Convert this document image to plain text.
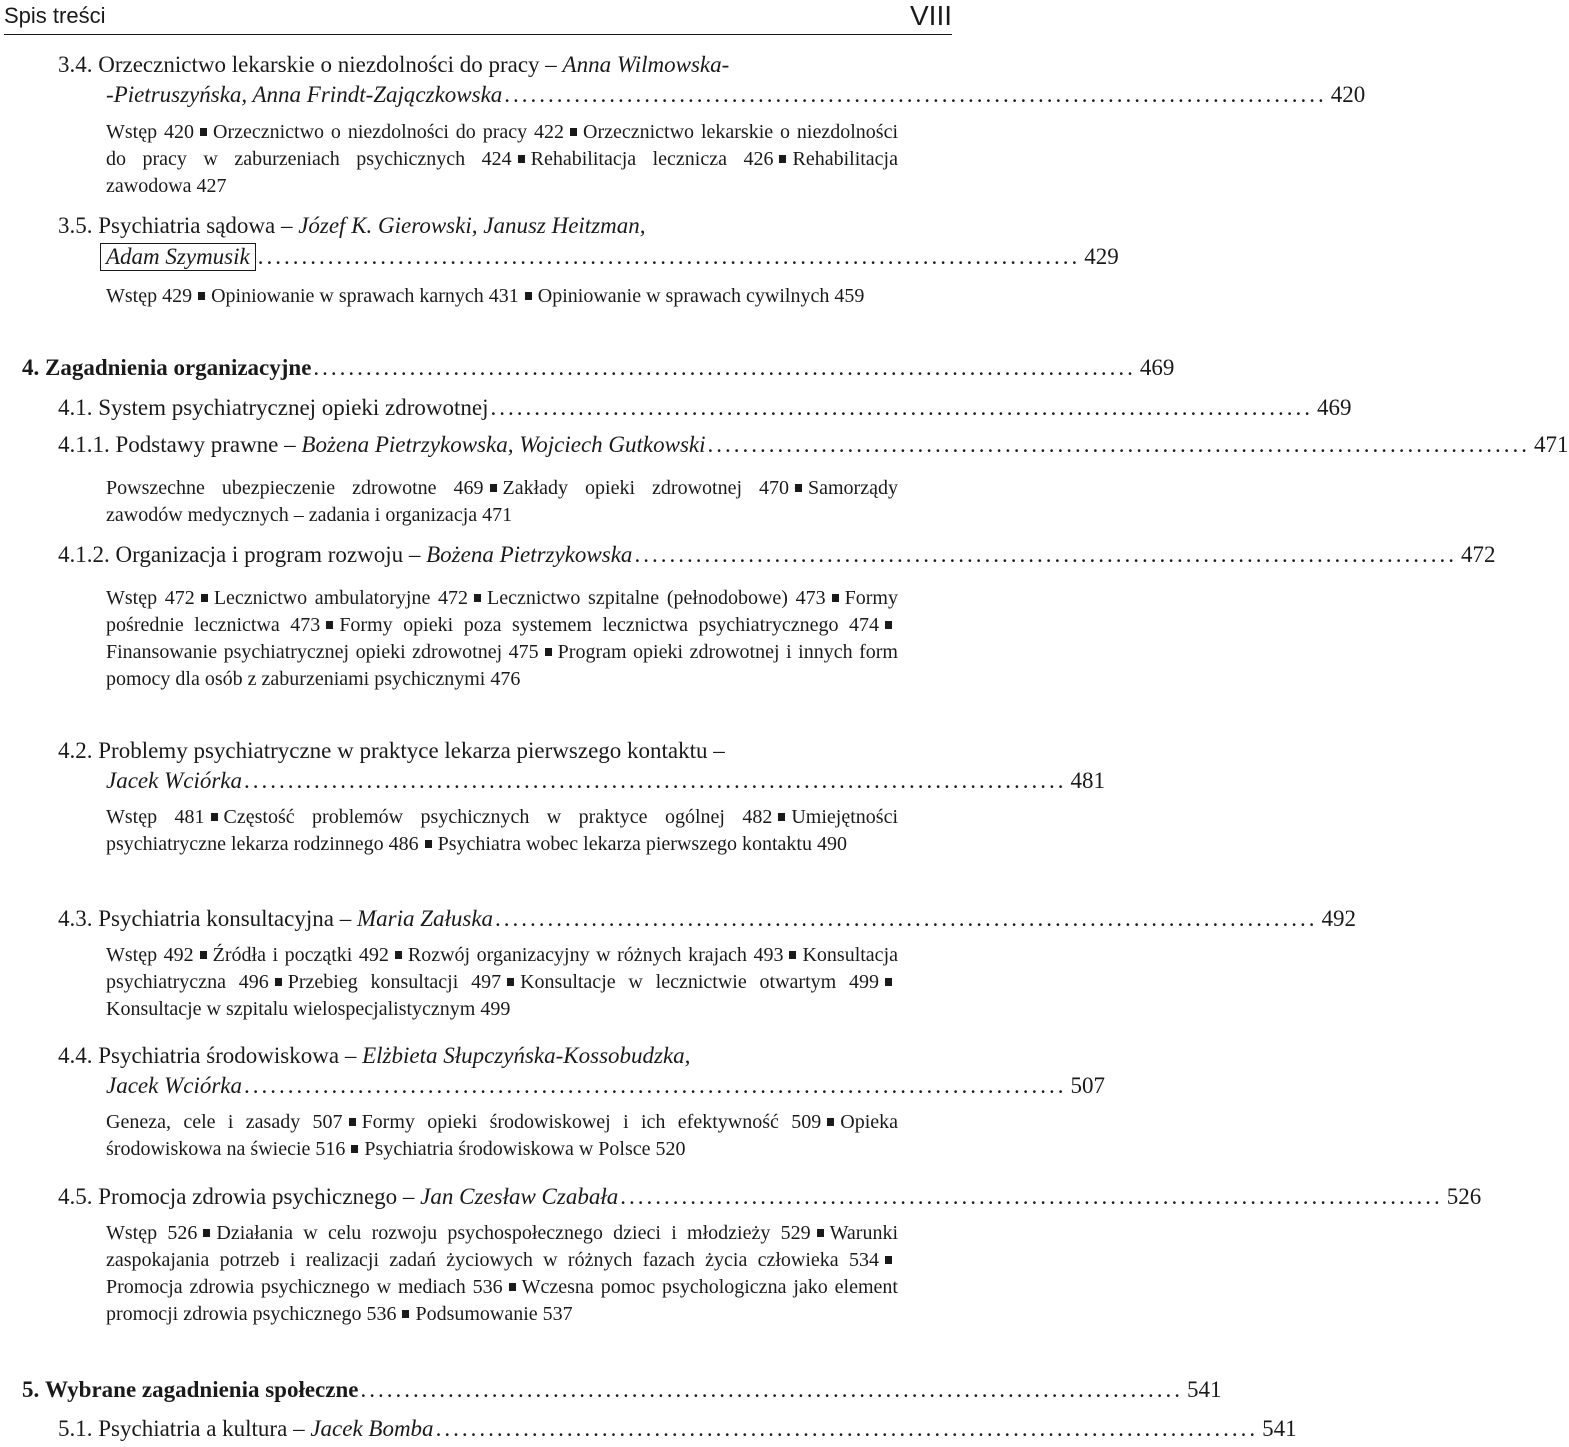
Spis treści	VIII
3.4.
Orzecznictwo lekarskie o niezdolności do pracy – Anna Wilmowska-
-Pietruszyńska, Anna Frindt-Zajączkowska .............................................................................................. 420
Wstęp 420 Orzecznictwo o niezdolności do pracy 422 Orzecznictwo lekarskie o niezdolności do pracy w zaburzeniach psychicznych 424 Rehabilitacja lecznicza 426 Rehabilitacja zawodowa 427
3.5.
Psychiatria sądowa – Józef K. Gierowski, Janusz Heitzman,
Adam Szymusik .............................................................................................. 429
Wstęp 429 Opiniowanie w sprawach karnych 431 Opiniowanie w sprawach cywilnych 459
4.
Zagadnienia organizacyjne .............................................................................................. 469
4.1.
System psychiatrycznej opieki zdrowotnej .............................................................................................. 469
4.1.1.
Podstawy prawne – Bożena Pietrzykowska, Wojciech Gutkowski .............................................................................................. 471
Powszechne ubezpieczenie zdrowotne 469 Zakłady opieki zdrowotnej 470 Samorządy zawodów medycznych – zadania i organizacja 471
4.1.2.
Organizacja i program rozwoju – Bożena Pietrzykowska .............................................................................................. 472
Wstęp 472 Lecznictwo ambulatoryjne 472 Lecznictwo szpitalne (pełnodobowe) 473 Formy pośrednie lecznictwa 473 Formy opieki poza systemem lecznictwa psychiatrycznego 474Finansowanie psychiatrycznej opieki zdrowotnej 475 Program opieki zdrowotnej i innych form pomocy dla osób z zaburzeniami psychicznymi 476
4.2.
Problemy psychiatryczne w praktyce lekarza pierwszego kontaktu –
Jacek Wciórka .............................................................................................. 481
Wstęp 481 Częstość problemów psychicznych w praktyce ogólnej 482 Umiejętności psychiatryczne lekarza rodzinnego 486 Psychiatra wobec lekarza pierwszego kontaktu 490
4.3.
Psychiatria konsultacyjna – Maria Załuska .............................................................................................. 492
Wstęp 492 Źródła i początki 492 Rozwój organizacyjny w różnych krajach 493 Konsultacja psychiatryczna 496 Przebieg konsultacji 497 Konsultacje w lecznictwie otwartym 499Konsultacje w szpitalu wielospecjalistycznym 499
4.4.
Psychiatria środowiskowa – Elżbieta Słupczyńska-Kossobudzka,
Jacek Wciórka .............................................................................................. 507
Geneza, cele i zasady 507 Formy opieki środowiskowej i ich efektywność 509 Opieka środowiskowa na świecie 516 Psychiatria środowiskowa w Polsce 520
4.5.
Promocja zdrowia psychicznego – Jan Czesław Czabała .............................................................................................. 526
Wstęp 526 Działania w celu rozwoju psychospołecznego dzieci i młodzieży 529 Warunki zaspokajania potrzeb i realizacji zadań życiowych w różnych fazach życia człowieka 534Promocja zdrowia psychicznego w mediach 536 Wczesna pomoc psychologiczna jako element promocji zdrowia psychicznego 536 Podsumowanie 537
5.
Wybrane zagadnienia społeczne .............................................................................................. 541
5.1.
Psychiatria a kultura – Jacek Bomba .............................................................................................. 541
